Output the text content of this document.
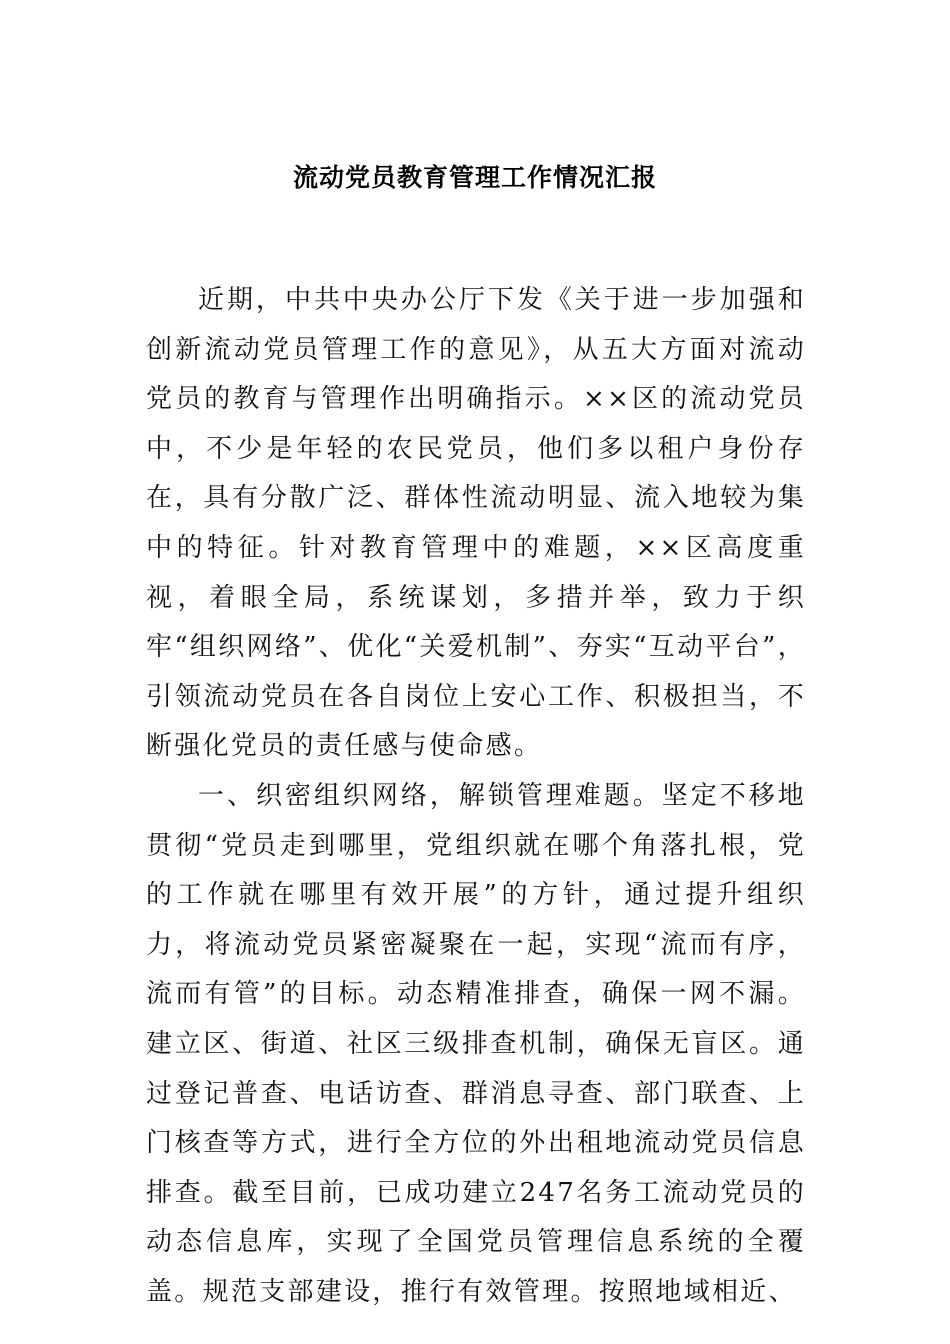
流动党员教育管理工作情况汇报

近期，中共中央办公厅下发《关于进一步加强和创新流动党员管理工作的意见》，从五大方面对流动党员的教育与管理作出明确指示。××区的流动党员中，不少是年轻的农民党员，他们多以租户身份存在，具有分散广泛、群体性流动明显、流入地较为集中的特征。针对教育管理中的难题，××区高度重视，着眼全局，系统谋划，多措并举，致力于织牢“组织网络”、优化“关爱机制”、夯实“互动平台”，引领流动党员在各自岗位上安心工作、积极担当，不断强化党员的责任感与使命感。

一、织密组织网络，解锁管理难题。坚定不移地贯彻“党员走到哪里，党组织就在哪个角落扎根，党的工作就在哪里有效开展”的方针，通过提升组织力，将流动党员紧密凝聚在一起，实现“流而有序，流而有管”的目标。动态精准排查，确保一网不漏。建立区、街道、社区三级排查机制，确保无盲区。通过登记普查、电话访查、群消息寻查、部门联查、上门核查等方式，进行全方位的外出租地流动党员信息排查。截至目前，已成功建立247名务工流动党员的动态信息库，实现了全国党员管理信息系统的全覆盖。规范支部建设，推行有效管理。按照地域相近、
